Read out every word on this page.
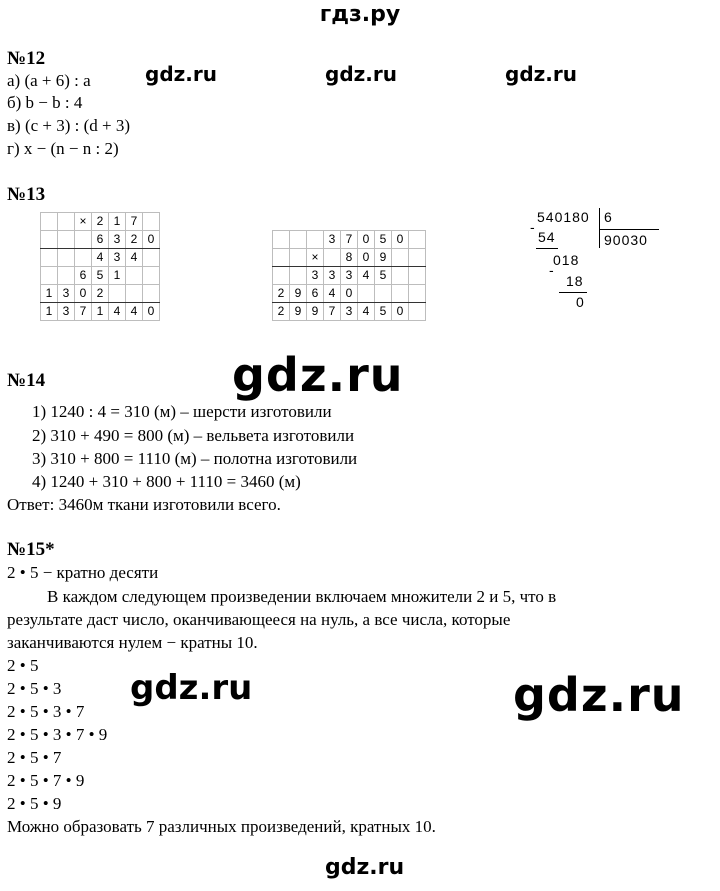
гдз.ру
gdz.ru	gdz.ru	gdz.ru
gdz.ru
gdz.ru	gdz.ru
gdz.ru
№12
а) (a + 6) : a
б) b − b : 4
в) (c + 3) : (d + 3)
г) x − (n − n : 2)
№13
		×	2	1	7	
			6	3	2	0
			4	3	4	
		6	5	1		
1	3	0	2			
1	3	7	1	4	4	0
			3	7	0	5	0	
		×		8	0	9		
		3	3	3	4	5		
2	9	6	4	0				
2	9	9	7	3	4	5	0	
540180 6
-
54	90030
018
-
18
0
№14
1) 1240 : 4 = 310 (м) – шерсти изготовили
2) 310 + 490 = 800 (м) – вельвета изготовили
3) 310 + 800 = 1110 (м) – полотна изготовили
4) 1240 + 310 + 800 + 1110 = 3460 (м)
Ответ: 3460м ткани изготовили всего.
№15*
2 • 5 − кратно десяти
В каждом следующем произведении включаем множители 2 и 5, что в
результате даст число, оканчивающееся на нуль, а все числа, которые
заканчиваются нулем − кратны 10.
2 • 5
2 • 5 • 3
2 • 5 • 3 • 7
2 • 5 • 3 • 7 • 9
2 • 5 • 7
2 • 5 • 7 • 9
2 • 5 • 9
Можно образовать 7 различных произведений, кратных 10.
